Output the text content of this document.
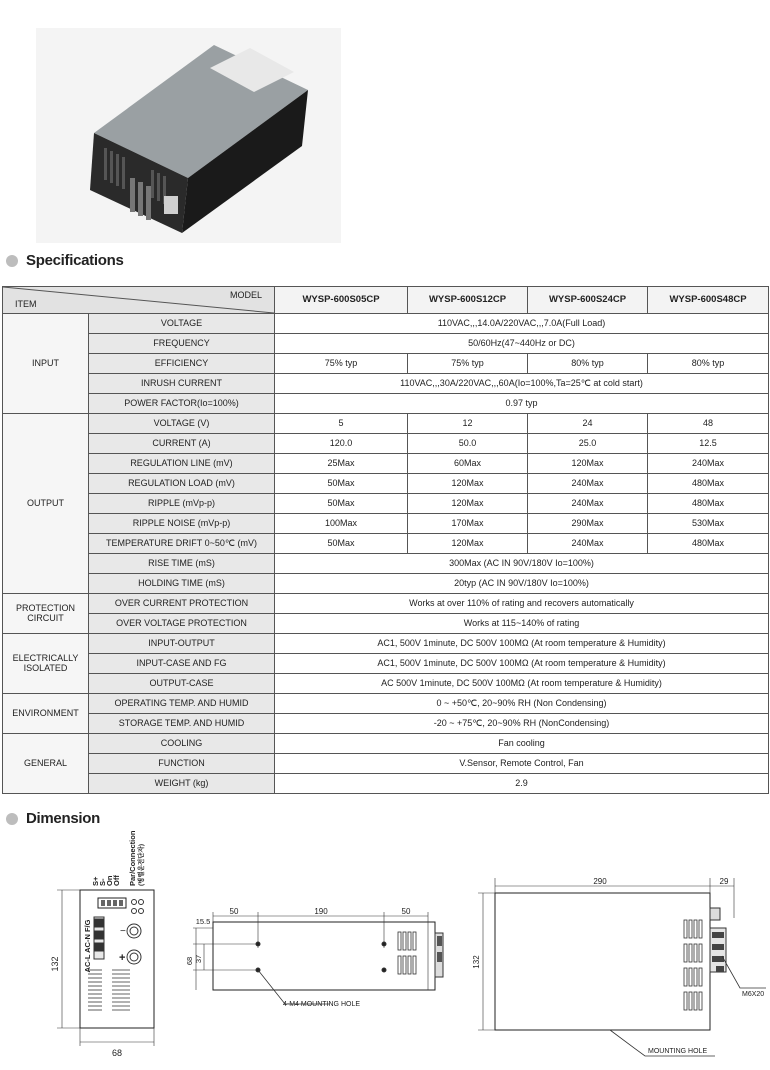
Specifications
MODEL
ITEM		WYSP-600S05CP	WYSP-600S12CP	WYSP-600S24CP	WYSP-600S48CP
INPUT	VOLTAGE	110VAC,,,14.0A/220VAC,,,7.0A(Full Load)			
	FREQUENCY	50/60Hz(47~440Hz or DC)			
	EFFICIENCY	75% typ	75% typ	80% typ	80% typ
	INRUSH CURRENT	110VAC,,,30A/220VAC,,,60A(Io=100%,Ta=25℃ at cold start)			
	POWER FACTOR(Io=100%)	0.97 typ			
OUTPUT	VOLTAGE (V)	5	12	24	48
	CURRENT (A)	120.0	50.0	25.0	12.5
	REGULATION LINE (mV)	25Max	60Max	120Max	240Max
	REGULATION LOAD (mV)	50Max	120Max	240Max	480Max
	RIPPLE (mVp-p)	50Max	120Max	240Max	480Max
	RIPPLE NOISE (mVp-p)	100Max	170Max	290Max	530Max
	TEMPERATURE DRIFT 0~50℃ (mV)	50Max	120Max	240Max	480Max
	RISE TIME (mS)	300Max (AC IN 90V/180V Io=100%)			
	HOLDING TIME (mS)	20typ (AC IN 90V/180V Io=100%)			

PROTECTION
CIRCUIT	OVER CURRENT PROTECTION	Works at over 110% of rating and recovers automatically			
	OVER VOLTAGE PROTECTION	Works at 115~140% of rating			

ELECTRICALLY
ISOLATED	INPUT-OUTPUT	AC1, 500V 1minute, DC 500V 100MΩ (At room temperature & Humidity)			
	INPUT-CASE AND FG	AC1, 500V 1minute, DC 500V 100MΩ (At room temperature & Humidity)			
	OUTPUT-CASE	AC 500V 1minute, DC 500V 100MΩ (At room temperature & Humidity)			
ENVIRONMENT	OPERATING TEMP. AND HUMID	0 ~ +50℃, 20~90% RH (Non Condensing)			
	STORAGE TEMP. AND HUMID	-20 ~ +75℃, 20~90% RH (NonCondensing)			
GENERAL	COOLING	Fan cooling			
	FUNCTION	V.Sensor, Remote Control, Fan			
	WEIGHT (kg)	2.9			
Dimension
132
68
S+
S-
On
Off Par/Connection (병렬운전단자)
AC-L AC-N F/G	−
+
50	190	50
15.5
68 37
4-M4 MOUNTING HOLE
290	29
132
M6X20
MOUNTING HOLE
